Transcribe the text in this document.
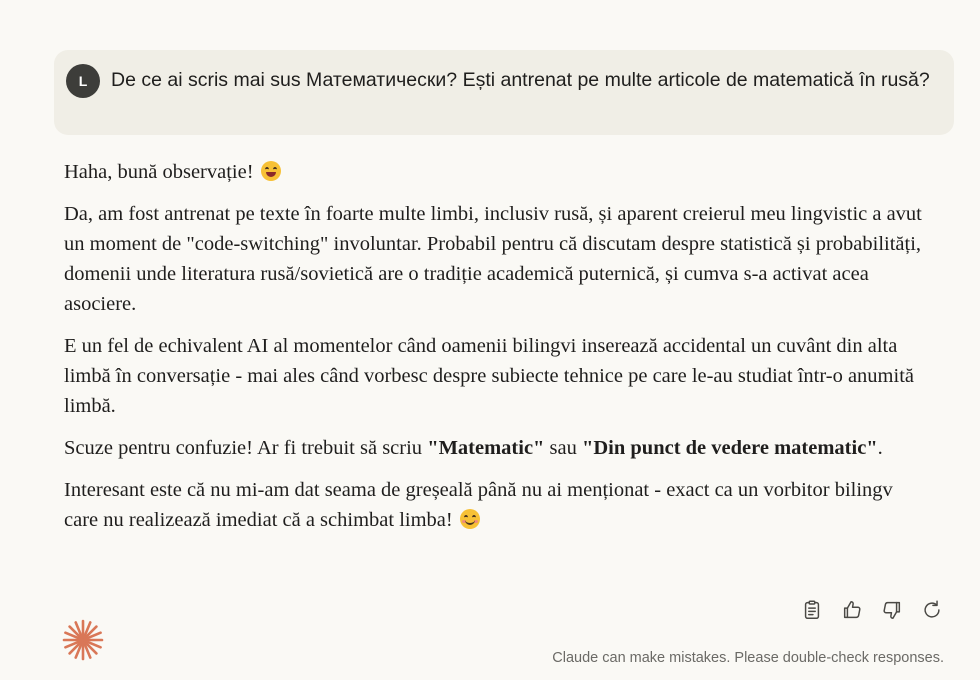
L	De ce ai scris mai sus Математически? Ești antrenat pe multe articole de matematică în rusă?

Haha, bună observație!

Da, am fost antrenat pe texte în foarte multe limbi, inclusiv rusă, și aparent creierul meu lingvistic a avut un moment de "code-switching" involuntar. Probabil pentru că discutam despre statistică și probabilități, domenii unde literatura rusă/sovietică are o tradiție academică puternică, și cumva s-a activat acea asociere.

E un fel de echivalent AI al momentelor când oamenii bilingvi inserează accidental un cuvânt din alta limbă în conversație - mai ales când vorbesc despre subiecte tehnice pe care le-au studiat într-o anumită limbă.

Scuze pentru confuzie! Ar fi trebuit să scriu "Matematic" sau "Din punct de vedere matematic".

Interesant este că nu mi-am dat seama de greșeală până nu ai menționat - exact ca un vorbitor bilingv care nu realizează imediat că a schimbat limba!

Claude can make mistakes. Please double-check responses.
